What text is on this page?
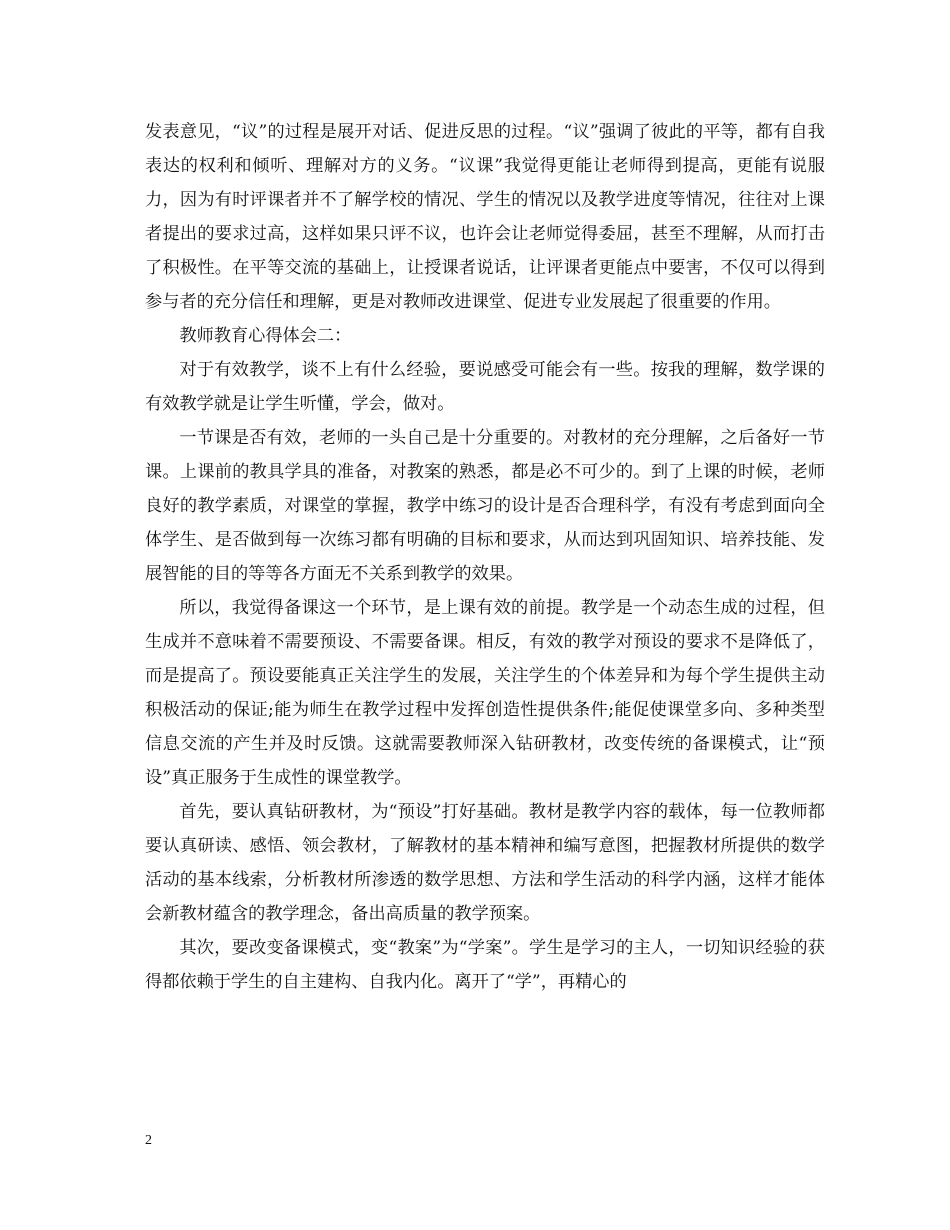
发表意见，“议”的过程是展开对话、促进反思的过程。“议”强调了彼此的平等，都有自我表达的权利和倾听、理解对方的义务。“议课”我觉得更能让老师得到提高，更能有说服力，因为有时评课者并不了解学校的情况、学生的情况以及教学进度等情况，往往对上课者提出的要求过高，这样如果只评不议，也许会让老师觉得委屈，甚至不理解，从而打击了积极性。在平等交流的基础上，让授课者说话，让评课者更能点中要害，不仅可以得到参与者的充分信任和理解，更是对教师改进课堂、促进专业发展起了很重要的作用。

教师教育心得体会二：

对于有效教学，谈不上有什么经验，要说感受可能会有一些。按我的理解，数学课的有效教学就是让学生听懂，学会，做对。

一节课是否有效，老师的一头自己是十分重要的。对教材的充分理解，之后备好一节课。上课前的教具学具的准备，对教案的熟悉，都是必不可少的。到了上课的时候，老师良好的教学素质，对课堂的掌握，教学中练习的设计是否合理科学，有没有考虑到面向全体学生、是否做到每一次练习都有明确的目标和要求，从而达到巩固知识、培养技能、发展智能的目的等等各方面无不关系到教学的效果。

所以，我觉得备课这一个环节，是上课有效的前提。教学是一个动态生成的过程，但生成并不意味着不需要预设、不需要备课。相反，有效的教学对预设的要求不是降低了，而是提高了。预设要能真正关注学生的发展，关注学生的个体差异和为每个学生提供主动积极活动的保证;能为师生在教学过程中发挥创造性提供条件;能促使课堂多向、多种类型信息交流的产生并及时反馈。这就需要教师深入钻研教材，改变传统的备课模式，让“预设”真正服务于生成性的课堂教学。

首先，要认真钻研教材，为“预设”打好基础。教材是教学内容的载体，每一位教师都要认真研读、感悟、领会教材，了解教材的基本精神和编写意图，把握教材所提供的数学活动的基本线索，分析教材所渗透的数学思想、方法和学生活动的科学内涵，这样才能体会新教材蕴含的教学理念，备出高质量的教学预案。

其次，要改变备课模式，变“教案”为“学案”。学生是学习的主人，一切知识经验的获得都依赖于学生的自主建构、自我内化。离开了“学”，再精心的

2
